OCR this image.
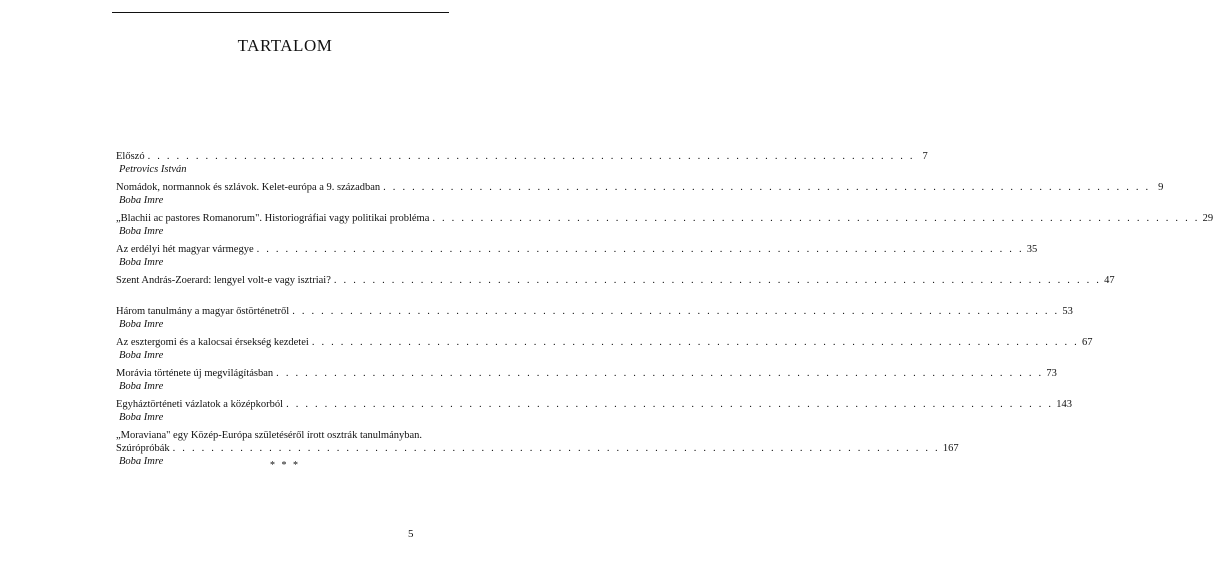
TARTALOM
Előszó . . . . . . . . . . . . . . . . . . . . . . . . . . . . . . . . . . . . . . . . . . . . . . . . . . . . . . . . . . . . . . . . . . . . . . . . . . . . . . . . 7
Petrovics István
Nomádok, normannok és szlávok. Kelet-európa a 9. században . . . . . . . . . . . . . . . . . . . . . . . . . . . . . . . . . . . . . . . . . . . . . . . . . . . . . . . . . . . . . . . . . . . . . . . . . . . . . . . . 9
Boba Imre
„Blachii ac pastores Romanorum". Historiográfiai vagy politikai probléma . . . . . . . . . . . . . . . . . . . . . . . . . . . . . . . . . . . . . . . . . . . . . . . . . . . . . . . . . . . . . . . . . . . . . . . . . . . . . . . . 29
Boba Imre
Az erdélyi hét magyar vármegye . . . . . . . . . . . . . . . . . . . . . . . . . . . . . . . . . . . . . . . . . . . . . . . . . . . . . . . . . . . . . . . . . . . . . . . . . . . . . . . . 35
Boba Imre
Szent András-Zoerard: lengyel volt-e vagy isztriai? . . . . . . . . . . . . . . . . . . . . . . . . . . . . . . . . . . . . . . . . . . . . . . . . . . . . . . . . . . . . . . . . . . . . . . . . . . . . . . . . 47
Három tanulmány a magyar őstörténetről . . . . . . . . . . . . . . . . . . . . . . . . . . . . . . . . . . . . . . . . . . . . . . . . . . . . . . . . . . . . . . . . . . . . . . . . . . . . . . . . 53
Boba Imre
Az esztergomi és a kalocsai érsekség kezdetei . . . . . . . . . . . . . . . . . . . . . . . . . . . . . . . . . . . . . . . . . . . . . . . . . . . . . . . . . . . . . . . . . . . . . . . . . . . . . . . . 67
Boba Imre
Morávia története új megvilágításban . . . . . . . . . . . . . . . . . . . . . . . . . . . . . . . . . . . . . . . . . . . . . . . . . . . . . . . . . . . . . . . . . . . . . . . . . . . . . . . . 73
Boba Imre
Egyháztörténeti vázlatok a középkorból . . . . . . . . . . . . . . . . . . . . . . . . . . . . . . . . . . . . . . . . . . . . . . . . . . . . . . . . . . . . . . . . . . . . . . . . . . . . . . . . 143
Boba Imre
„Moraviana" egy Közép-Európa születéséről írott osztrák tanulmányban.
Szúrópróbák . . . . . . . . . . . . . . . . . . . . . . . . . . . . . . . . . . . . . . . . . . . . . . . . . . . . . . . . . . . . . . . . . . . . . . . . . . . . . . . . 167
Boba Imre	* * *
5
